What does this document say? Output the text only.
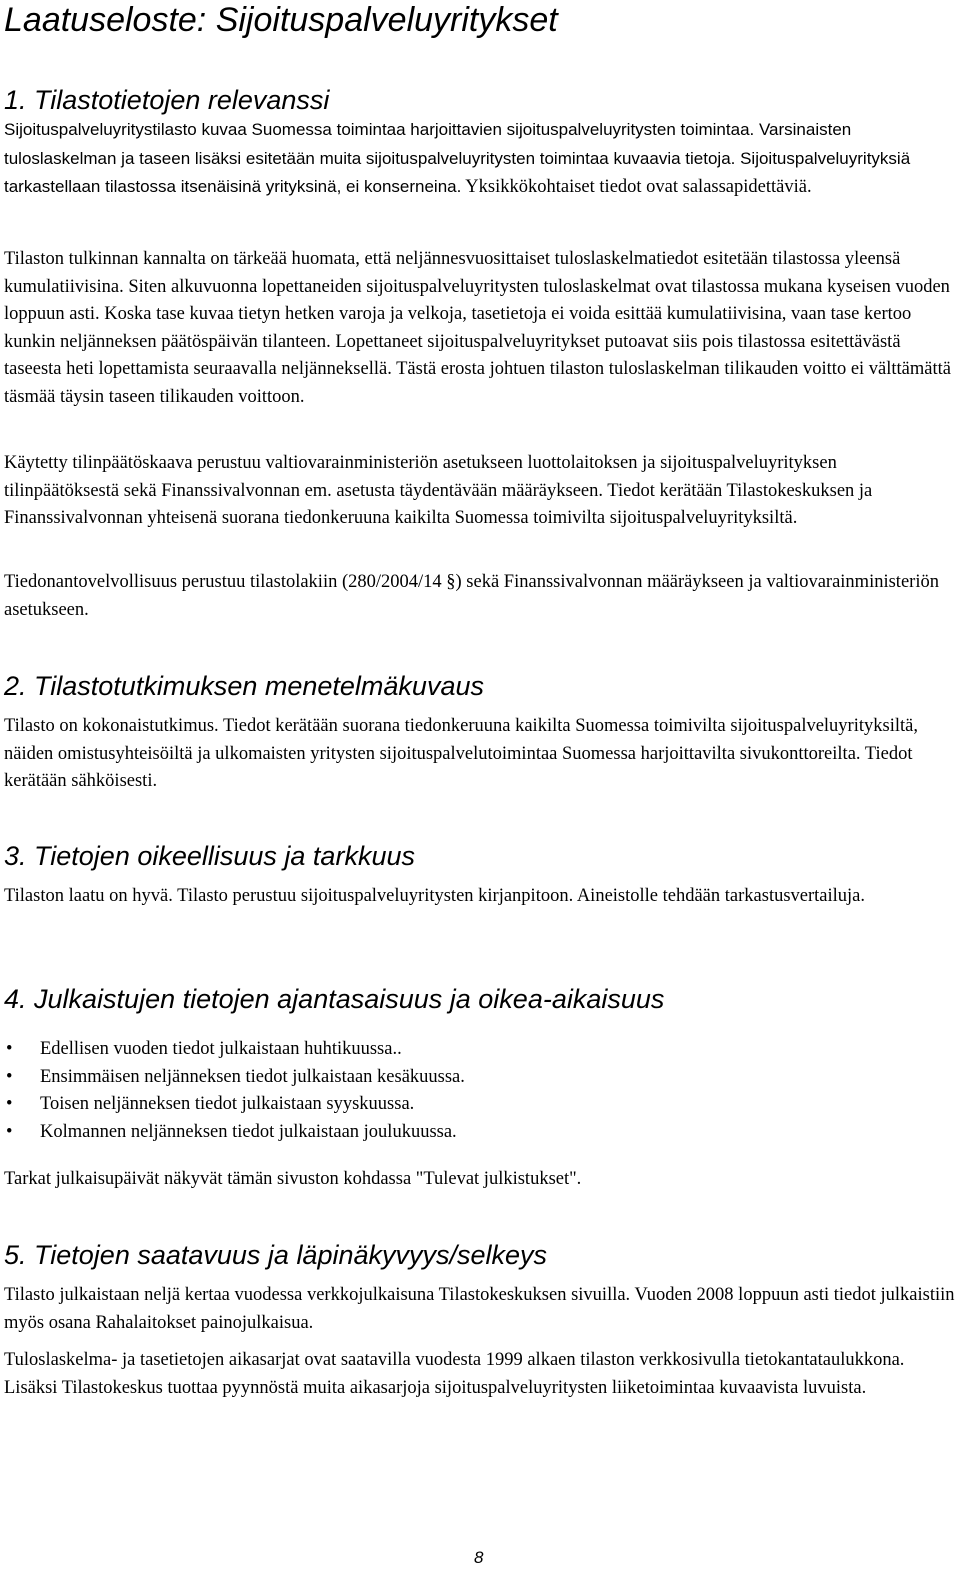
Laatuseloste: Sijoituspalveluyritykset
1. Tilastotietojen relevanssi

Sijoituspalveluyritystilasto kuvaa Suomessa toimintaa harjoittavien sijoituspalveluyritysten toimintaa. Varsinaisten tuloslaskelman ja taseen lisäksi esitetään muita sijoituspalveluyritysten toimintaa kuvaavia tietoja. Sijoituspalveluyrityksiä tarkastellaan tilastossa itsenäisinä yrityksinä, ei konserneina. Yksikkökohtaiset tiedot ovat salassapidettäviä.

Tilaston tulkinnan kannalta on tärkeää huomata, että neljännesvuosittaiset tuloslaskelmatiedot esitetään tilastossa yleensä kumulatiivisina. Siten alkuvuonna lopettaneiden sijoituspalveluyritysten tuloslaskelmat ovat tilastossa mukana kyseisen vuoden loppuun asti. Koska tase kuvaa tietyn hetken varoja ja velkoja, tasetietoja ei voida esittää kumulatiivisina, vaan tase kertoo kunkin neljänneksen päätöspäivän tilanteen. Lopettaneet sijoituspalveluyritykset putoavat siis pois tilastossa esitettävästä taseesta heti lopettamista seuraavalla neljänneksellä. Tästä erosta johtuen tilaston tuloslaskelman tilikauden voitto ei välttämättä täsmää täysin taseen tilikauden voittoon.

Käytetty tilinpäätöskaava perustuu valtiovarainministeriön asetukseen luottolaitoksen ja sijoituspalveluyrityksen tilinpäätöksestä sekä Finanssivalvonnan em. asetusta täydentävään määräykseen. Tiedot kerätään Tilastokeskuksen ja Finanssivalvonnan yhteisenä suorana tiedonkeruuna kaikilta Suomessa toimivilta sijoituspalveluyrityksiltä.

Tiedonantovelvollisuus perustuu tilastolakiin (280/2004/14 §) sekä Finanssivalvonnan määräykseen ja valtiovarainministeriön asetukseen.

2. Tilastotutkimuksen menetelmäkuvaus

Tilasto on kokonaistutkimus. Tiedot kerätään suorana tiedonkeruuna kaikilta Suomessa toimivilta sijoituspalveluyrityksiltä, näiden omistusyhteisöiltä ja ulkomaisten yritysten sijoituspalvelutoimintaa Suomessa harjoittavilta sivukonttoreilta. Tiedot kerätään sähköisesti.

3. Tietojen oikeellisuus ja tarkkuus

Tilaston laatu on hyvä. Tilasto perustuu sijoituspalveluyritysten kirjanpitoon. Aineistolle tehdään tarkastusvertailuja.

4. Julkaistujen tietojen ajantasaisuus ja oikea-aikaisuus
• Edellisen vuoden tiedot julkaistaan huhtikuussa..
• Ensimmäisen neljänneksen tiedot julkaistaan kesäkuussa.
• Toisen neljänneksen tiedot julkaistaan syyskuussa.
• Kolmannen neljänneksen tiedot julkaistaan joulukuussa.

Tarkat julkaisupäivät näkyvät tämän sivuston kohdassa "Tulevat julkistukset".

5. Tietojen saatavuus ja läpinäkyvyys/selkeys

Tilasto julkaistaan neljä kertaa vuodessa verkkojulkaisuna Tilastokeskuksen sivuilla. Vuoden 2008 loppuun asti tiedot julkaistiin myös osana Rahalaitokset painojulkaisua.

Tuloslaskelma- ja tasetietojen aikasarjat ovat saatavilla vuodesta 1999 alkaen tilaston verkkosivulla tietokantataulukkona. Lisäksi Tilastokeskus tuottaa pyynnöstä muita aikasarjoja sijoituspalveluyritysten liiketoimintaa kuvaavista luvuista.

8
